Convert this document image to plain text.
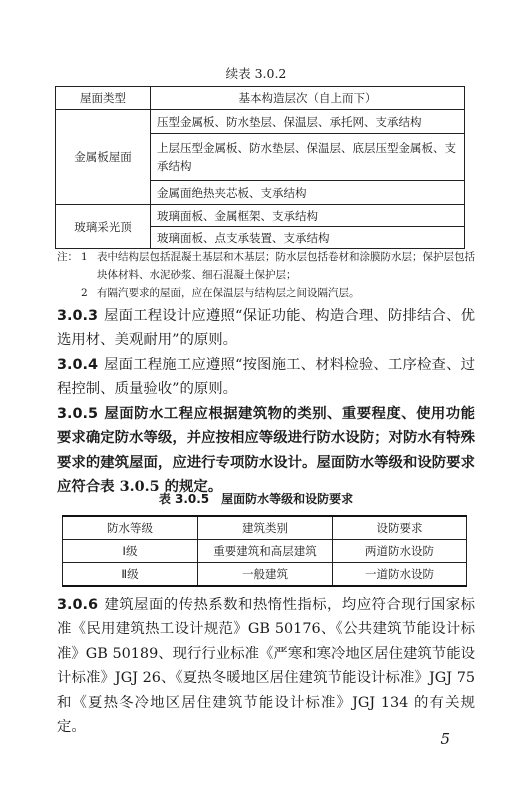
续表 3.0.2
屋面类型	基本构造层次（自上而下）
金属板屋面	压型金属板、防水垫层、保温层、承托网、支承结构
	上层压型金属板、防水垫层、保温层、底层压型金属板、支承结构
	金属面绝热夹芯板、支承结构
玻璃采光顶	玻璃面板、金属框架、支承结构
	玻璃面板、点支承装置、支承结构
注： 1 表中结构层包括混凝土基层和木基层；防水层包括卷材和涂膜防水层；保护层包括块体材料、水泥砂浆、细石混凝土保护层；
2 有隔汽要求的屋面，应在保温层与结构层之间设隔汽层。
3.0.3 屋面工程设计应遵照“保证功能、构造合理、防排结合、优选用材、美观耐用”的原则。
3.0.4 屋面工程施工应遵照“按图施工、材料检验、工序检查、过程控制、质量验收”的原则。
3.0.5 屋面防水工程应根据建筑物的类别、重要程度、使用功能要求确定防水等级，并应按相应等级进行防水设防；对防水有特殊要求的建筑屋面，应进行专项防水设计。屋面防水等级和设防要求应符合表 3.0.5 的规定。
表 3.0.5　屋面防水等级和设防要求
防水等级	建筑类别	设防要求
Ⅰ级	重要建筑和高层建筑	两道防水设防
Ⅱ级	一般建筑	一道防水设防
3.0.6 建筑屋面的传热系数和热惰性指标，均应符合现行国家标准《民用建筑热工设计规范》GB 50176、《公共建筑节能设计标准》GB 50189、现行行业标准《严寒和寒冷地区居住建筑节能设计标准》JGJ 26、《夏热冬暖地区居住建筑节能设计标准》JGJ 75 和《夏热冬冷地区居住建筑节能设计标准》JGJ 134 的有关规定。
5
